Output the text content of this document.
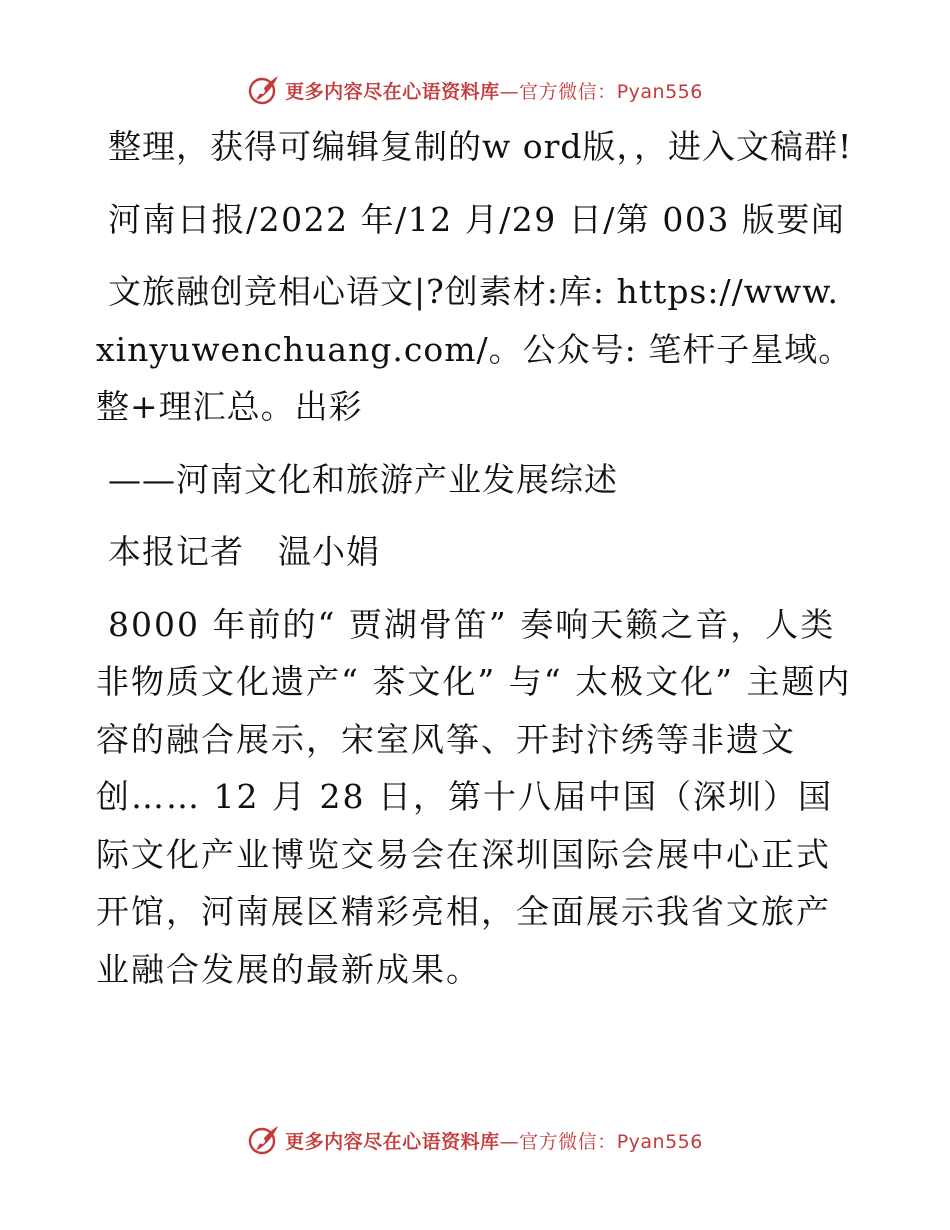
更多内容尽在心语资料库—官方微信：Pyan556

整理，获得可编辑复制的w ord版，，进入文稿群!

河南日报/2022 年/12 月/29 日/第 003 版要闻

文旅融创竞相心语文|?创素材:库: https://www.xinyuwenchuang.com/。公众号: 笔杆子星域。整+理汇总。出彩

——河南文化和旅游产业发展综述

本报记者　温小娟

8000 年前的“ 贾湖骨笛” 奏响天籁之音，人类非物质文化遗产“ 茶文化” 与“ 太极文化” 主题内容的融合展示，宋室风筝、开封汴绣等非遗文创…… 12 月 28 日，第十八届中国（深圳）国际文化产业博览交易会在深圳国际会展中心正式开馆，河南展区精彩亮相，全面展示我省文旅产业融合发展的最新成果。

更多内容尽在心语资料库—官方微信：Pyan556
